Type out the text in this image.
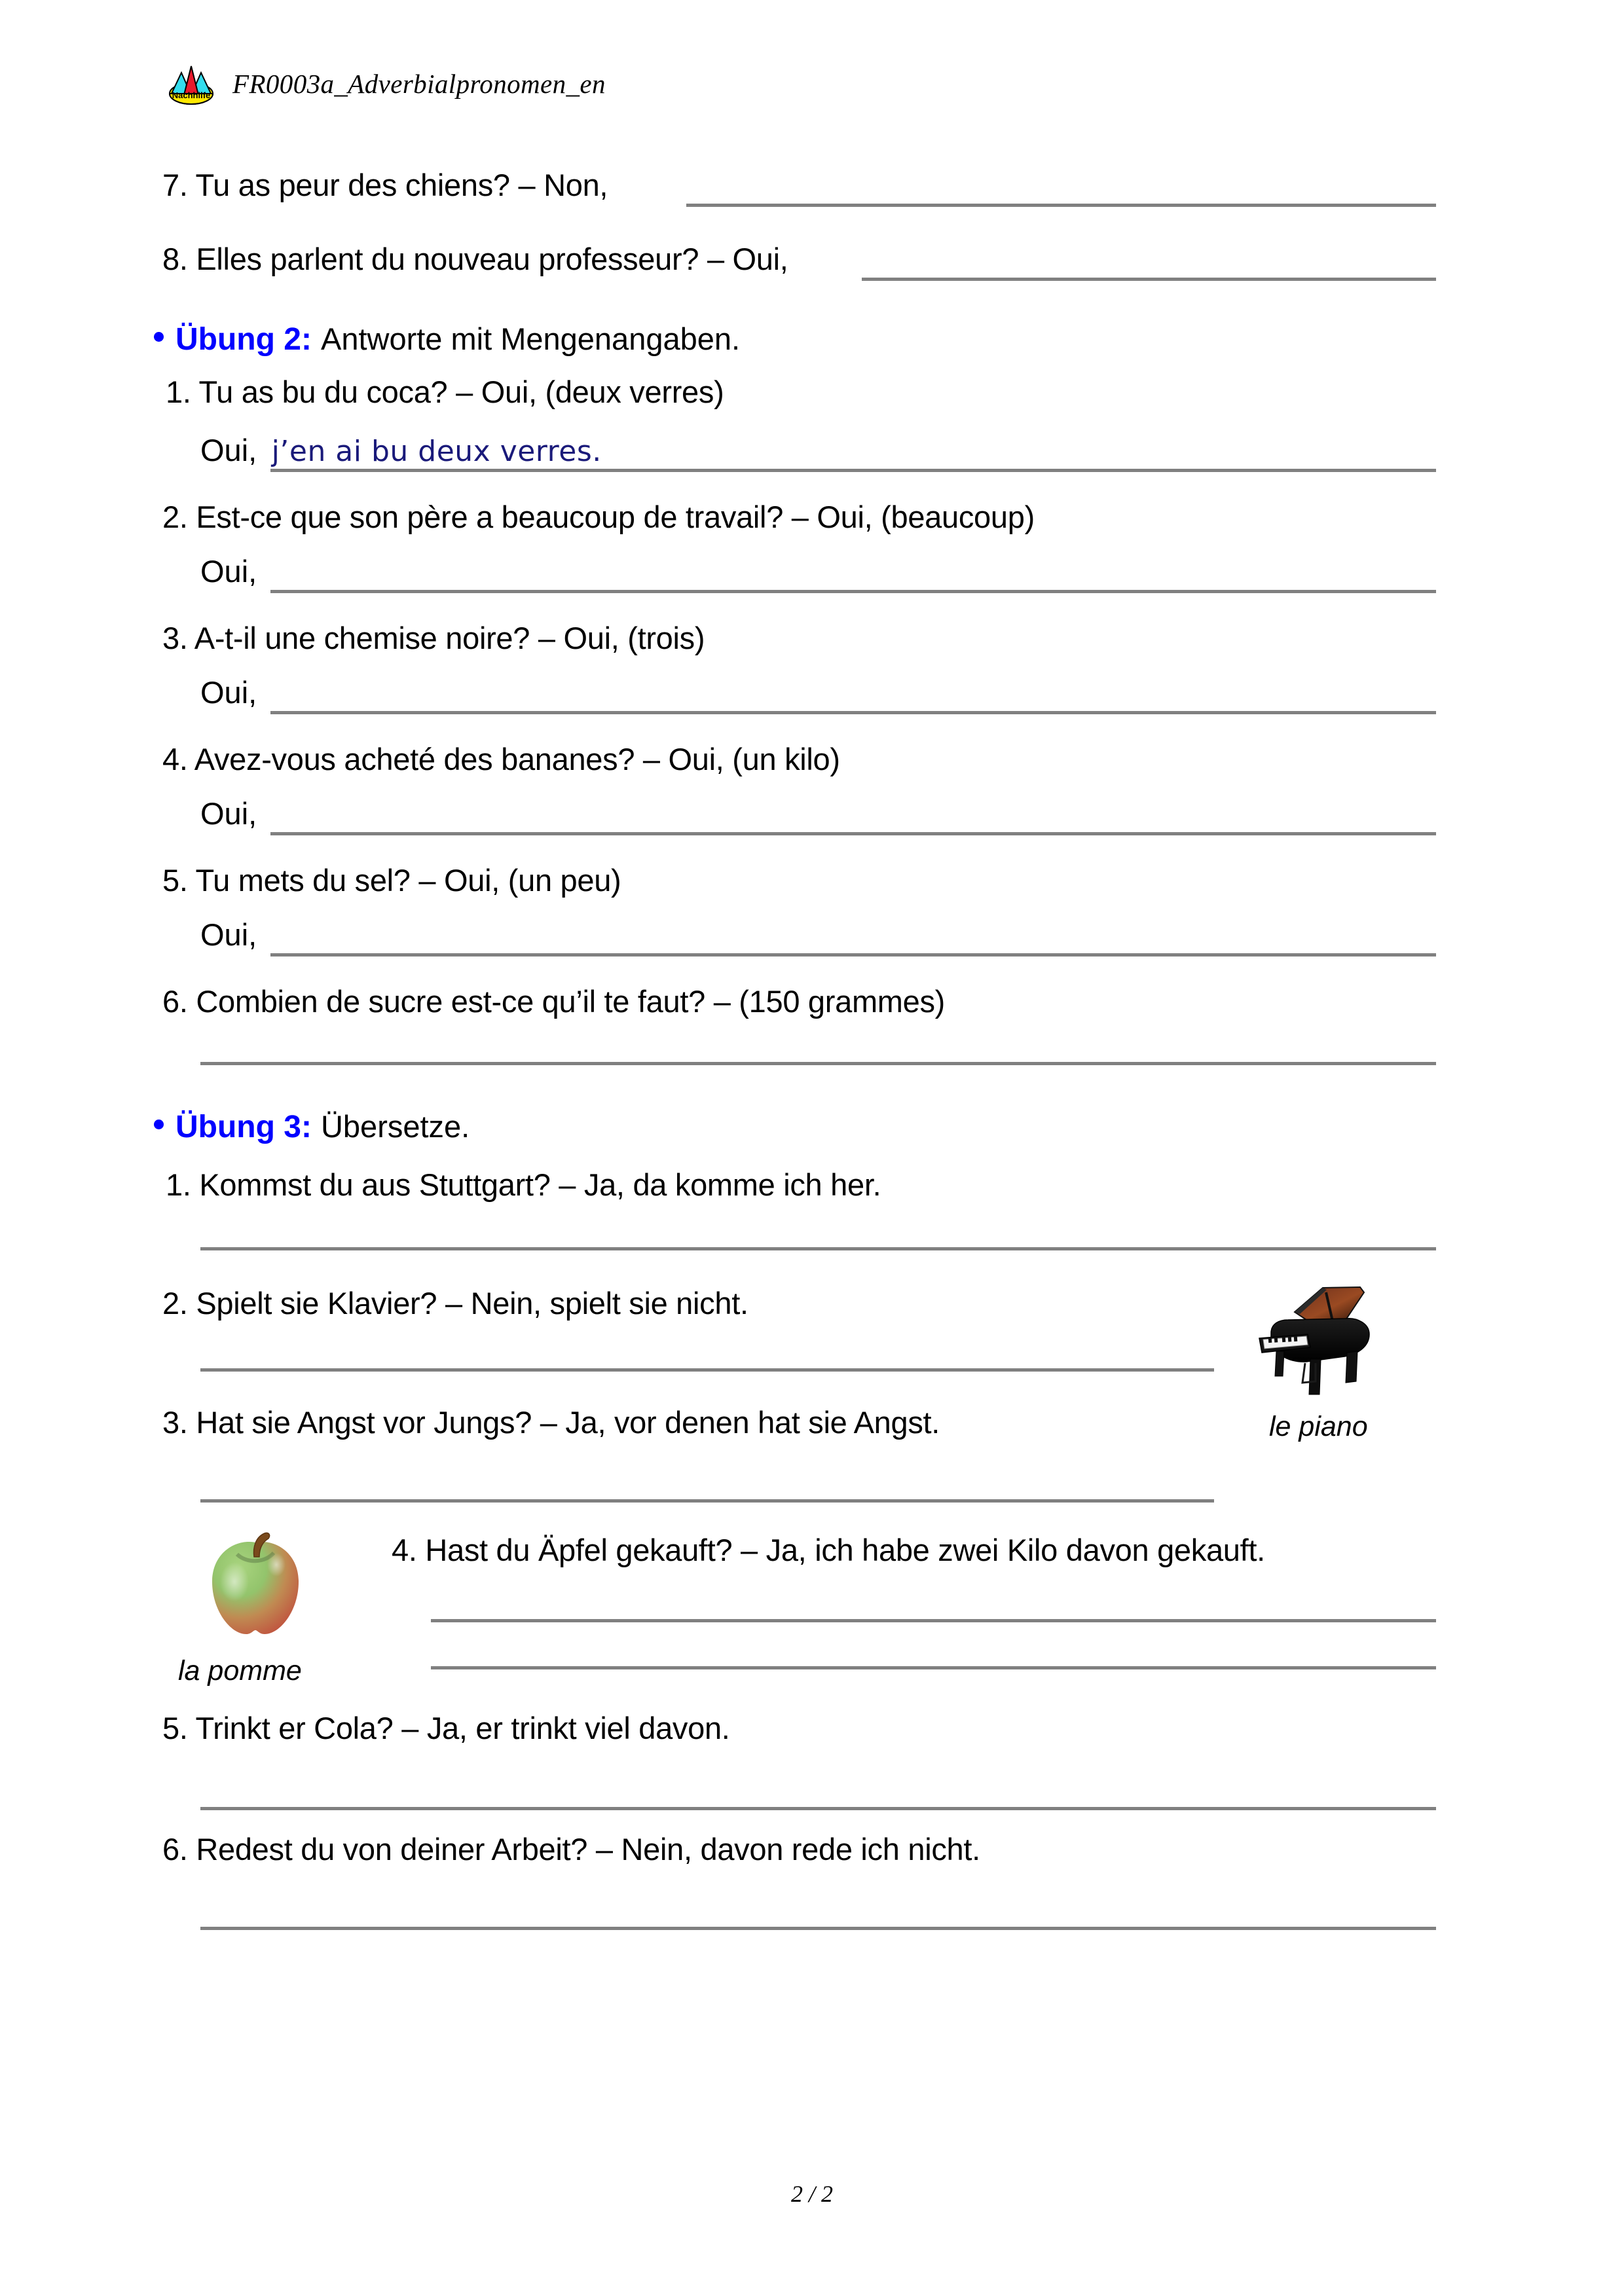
Nachhilfe FR0003a_Adverbialpronomen_en
7. Tu as peur des chiens? – Non,
8. Elles parlent du nouveau professeur? – Oui,
Übung 2: Antworte mit Mengenangaben.
1. Tu as bu du coca? – Oui, (deux verres)
Oui, j’en ai bu deux verres.
2. Est-ce que son père a beaucoup de travail? – Oui, (beaucoup)
Oui,
3. A-t-il une chemise noire? – Oui, (trois)
Oui,
4. Avez-vous acheté des bananes? – Oui, (un kilo)
Oui,
5. Tu mets du sel? – Oui, (un peu)
Oui,
6. Combien de sucre est-ce qu’il te faut? – (150 grammes)
Übung 3: Übersetze.
1. Kommst du aus Stuttgart? – Ja, da komme ich her.
2. Spielt sie Klavier? – Nein, spielt sie nicht.
3. Hat sie Angst vor Jungs? – Ja, vor denen hat sie Angst.
4. Hast du Äpfel gekauft? – Ja, ich habe zwei Kilo davon gekauft.
5. Trinkt er Cola? – Ja, er trinkt viel davon.
6. Redest du von deiner Arbeit? – Nein, davon rede ich nicht.
le piano
la pomme
2 / 2
